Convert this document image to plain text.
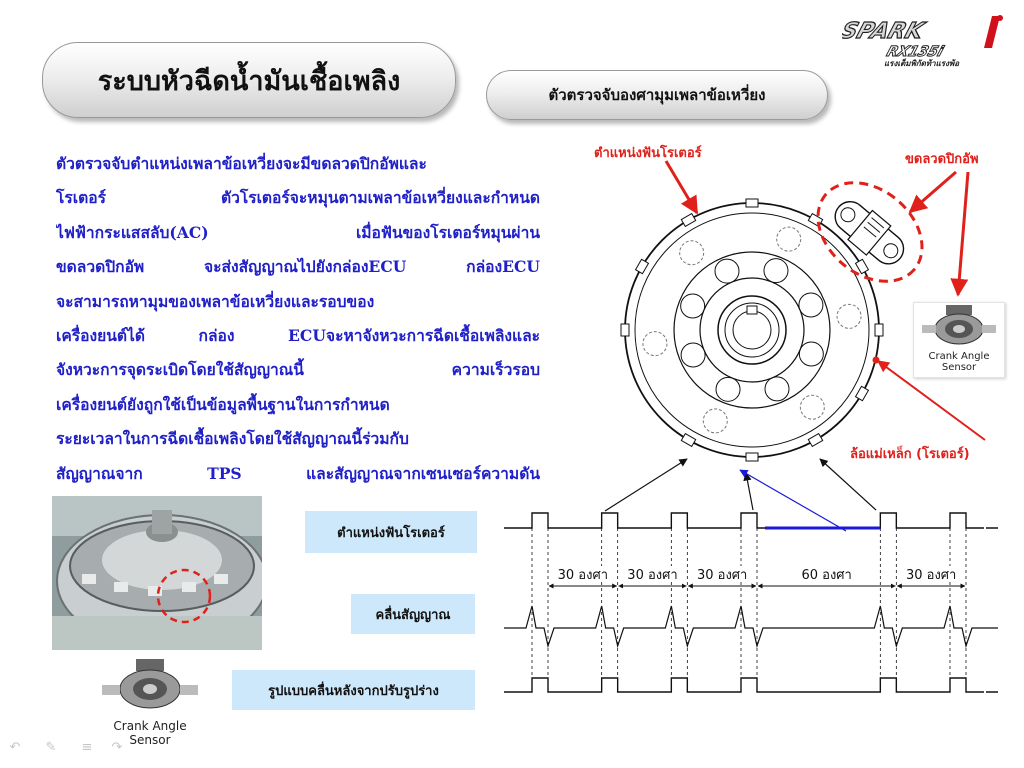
SPARK
RX135i
แรงเต็มพิกัดท้าแรงพ้อ
ระบบหัวฉีดน้ำมันเชื้อเพลิง	ตัวตรวจจับองศามุมเพลาข้อเหวี่ยง
ตัวตรวจจับตำแหน่งเพลาข้อเหวี่ยงจะมีขดลวดปิกอัพและ
โรเตอร์ ตัวโรเตอร์จะหมุนตามเพลาข้อเหวี่ยงและกำหนด
ไฟฟ้ากระแสสลับ(AC) เมื่อฟันของโรเตอร์หมุนผ่าน
ขดลวดปิกอัพ จะส่งสัญญาณไปยังกล่องECU กล่องECU
จะสามารถหามุมของเพลาข้อเหวี่ยงและรอบของ
เครื่องยนต์ได้ กล่อง ECUจะหาจังหวะการฉีดเชื้อเพลิงและ
จังหวะการจุดระเบิดโดยใช้สัญญาณนี้ ความเร็วรอบ
เครื่องยนต์ยังถูกใช้เป็นข้อมูลพื้นฐานในการกำหนด
ระยะเวลาในการฉีดเชื้อเพลิงโดยใช้สัญญาณนี้ร่วมกับ
สัญญาณจาก TPS และสัญญาณจากเซนเซอร์ความดัน
Crank Angle
Sensor
ตำแหน่งฟันโรเตอร์	ขดลวดปิกอัพ
ล้อแม่เหล็ก (โรเตอร์)
ตำแหน่งฟันโรเตอร์
คลื่นสัญญาณ
รูปแบบคลื่นหลังจากปรับรูปร่าง
30 องศา 30 องศา 30 องศา	60 องศา	30 องศา
Crank Angle
Sensor
↶ ✎ ≡ ↷
